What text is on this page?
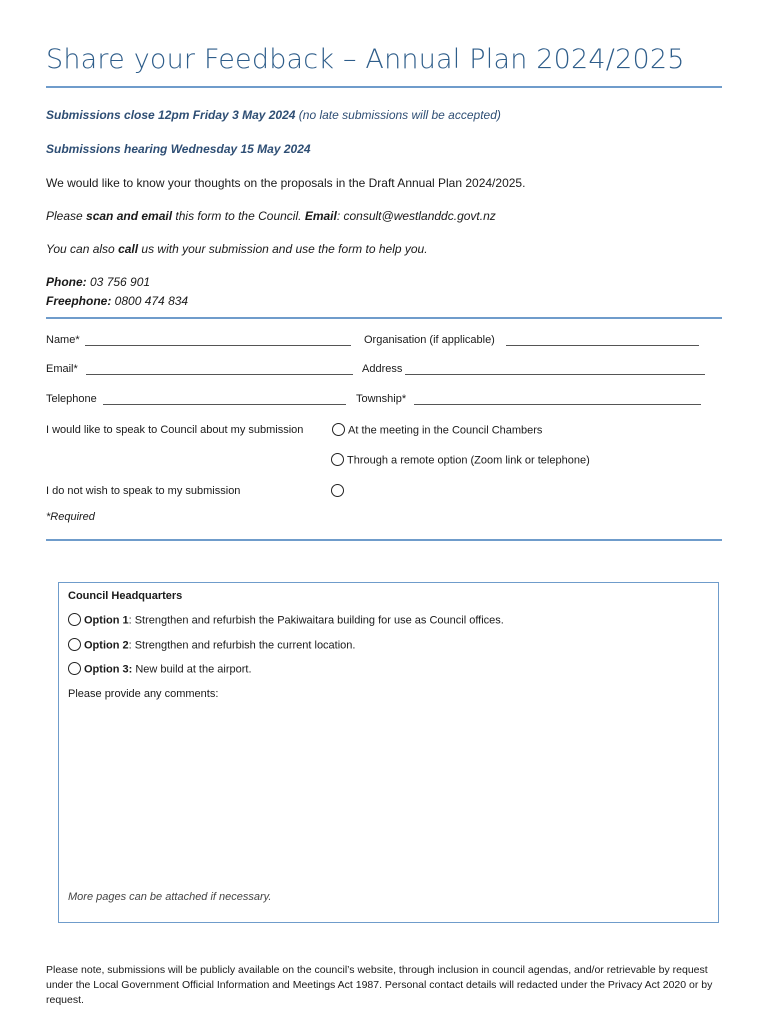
Share your Feedback – Annual Plan 2024/2025
Submissions close 12pm Friday 3 May 2024 (no late submissions will be accepted)
Submissions hearing Wednesday 15 May 2024
We would like to know your thoughts on the proposals in the Draft Annual Plan 2024/2025.
Please scan and email this form to the Council. Email: consult@westlanddc.govt.nz
You can also call us with your submission and use the form to help you.
Phone: 03 756 901
Freephone: 0800 474 834
Name*	Organisation (if applicable)
Email*	Address
Telephone	Township*
I would like to speak to Council about my submission	At the meeting in the Council Chambers
Through a remote option (Zoom link or telephone)
I do not wish to speak to my submission
*Required
Council Headquarters
Option 1: Strengthen and refurbish the Pakiwaitara building for use as Council offices.
Option 2: Strengthen and refurbish the current location.
Option 3: New build at the airport.
Please provide any comments:
More pages can be attached if necessary.
Please note, submissions will be publicly available on the council’s website, through inclusion in council agendas, and/or retrievable by request under the Local Government Official Information and Meetings Act 1987. Personal contact details will redacted under the Privacy Act 2020 or by request.
